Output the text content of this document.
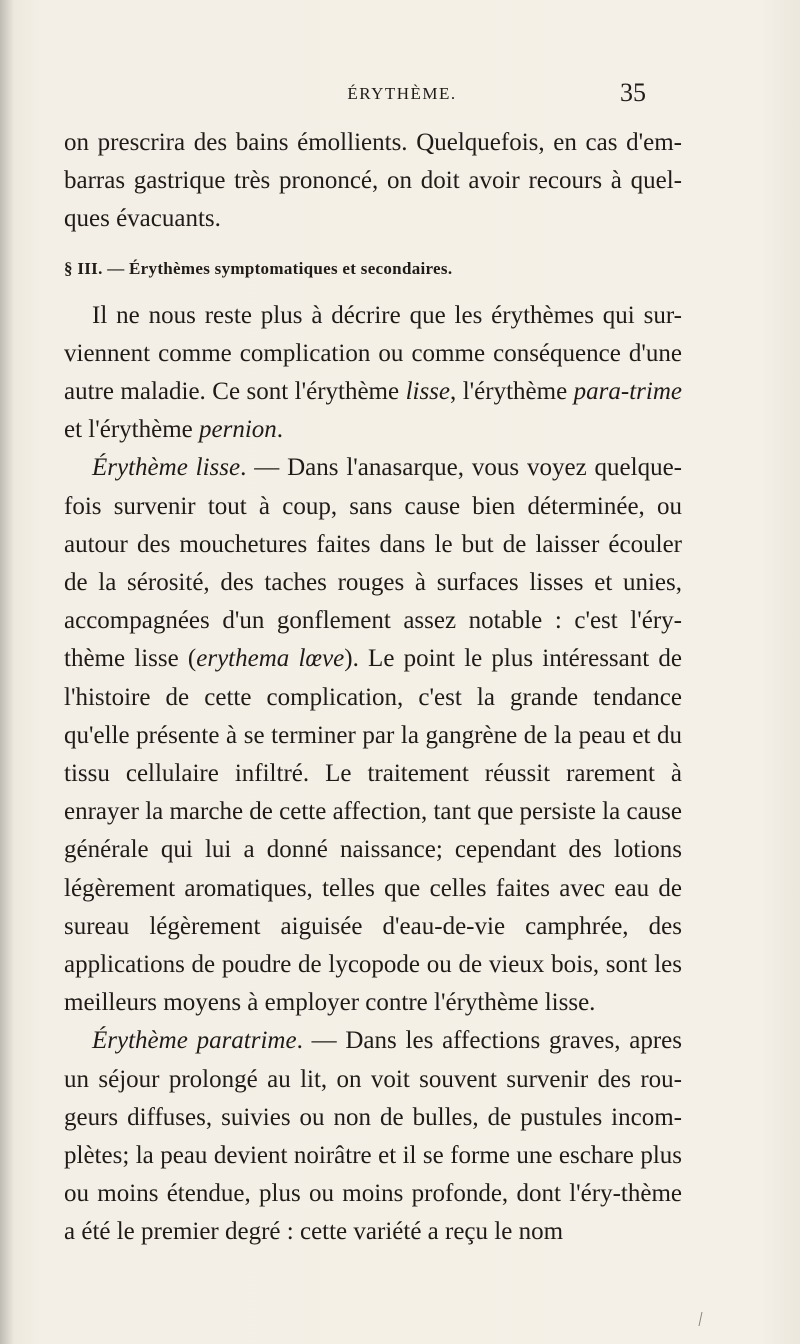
ÉRYTHÈME.	35

on prescrira des bains émollients. Quelquefois, en cas d'em-barras gastrique très prononcé, on doit avoir recours à quel-ques évacuants.

§ III. — Érythèmes symptomatiques et secondaires.

Il ne nous reste plus à décrire que les érythèmes qui sur-viennent comme complication ou comme conséquence d'une autre maladie. Ce sont l'érythème lisse, l'érythème para-trime et l'érythème pernion.

Érythème lisse. — Dans l'anasarque, vous voyez quelque-fois survenir tout à coup, sans cause bien déterminée, ou autour des mouchetures faites dans le but de laisser écouler de la sérosité, des taches rouges à surfaces lisses et unies, accompagnées d'un gonflement assez notable : c'est l'éry-thème lisse (erythema lœve). Le point le plus intéressant de l'histoire de cette complication, c'est la grande tendance qu'elle présente à se terminer par la gangrène de la peau et du tissu cellulaire infiltré. Le traitement réussit rarement à enrayer la marche de cette affection, tant que persiste la cause générale qui lui a donné naissance; cependant des lotions légèrement aromatiques, telles que celles faites avec eau de sureau légèrement aiguisée d'eau-de-vie camphrée, des applications de poudre de lycopode ou de vieux bois, sont les meilleurs moyens à employer contre l'érythème lisse.

Érythème paratrime. — Dans les affections graves, apres un séjour prolongé au lit, on voit souvent survenir des rou-geurs diffuses, suivies ou non de bulles, de pustules incom-plètes; la peau devient noirâtre et il se forme une eschare plus ou moins étendue, plus ou moins profonde, dont l'éry-thème a été le premier degré : cette variété a reçu le nom
